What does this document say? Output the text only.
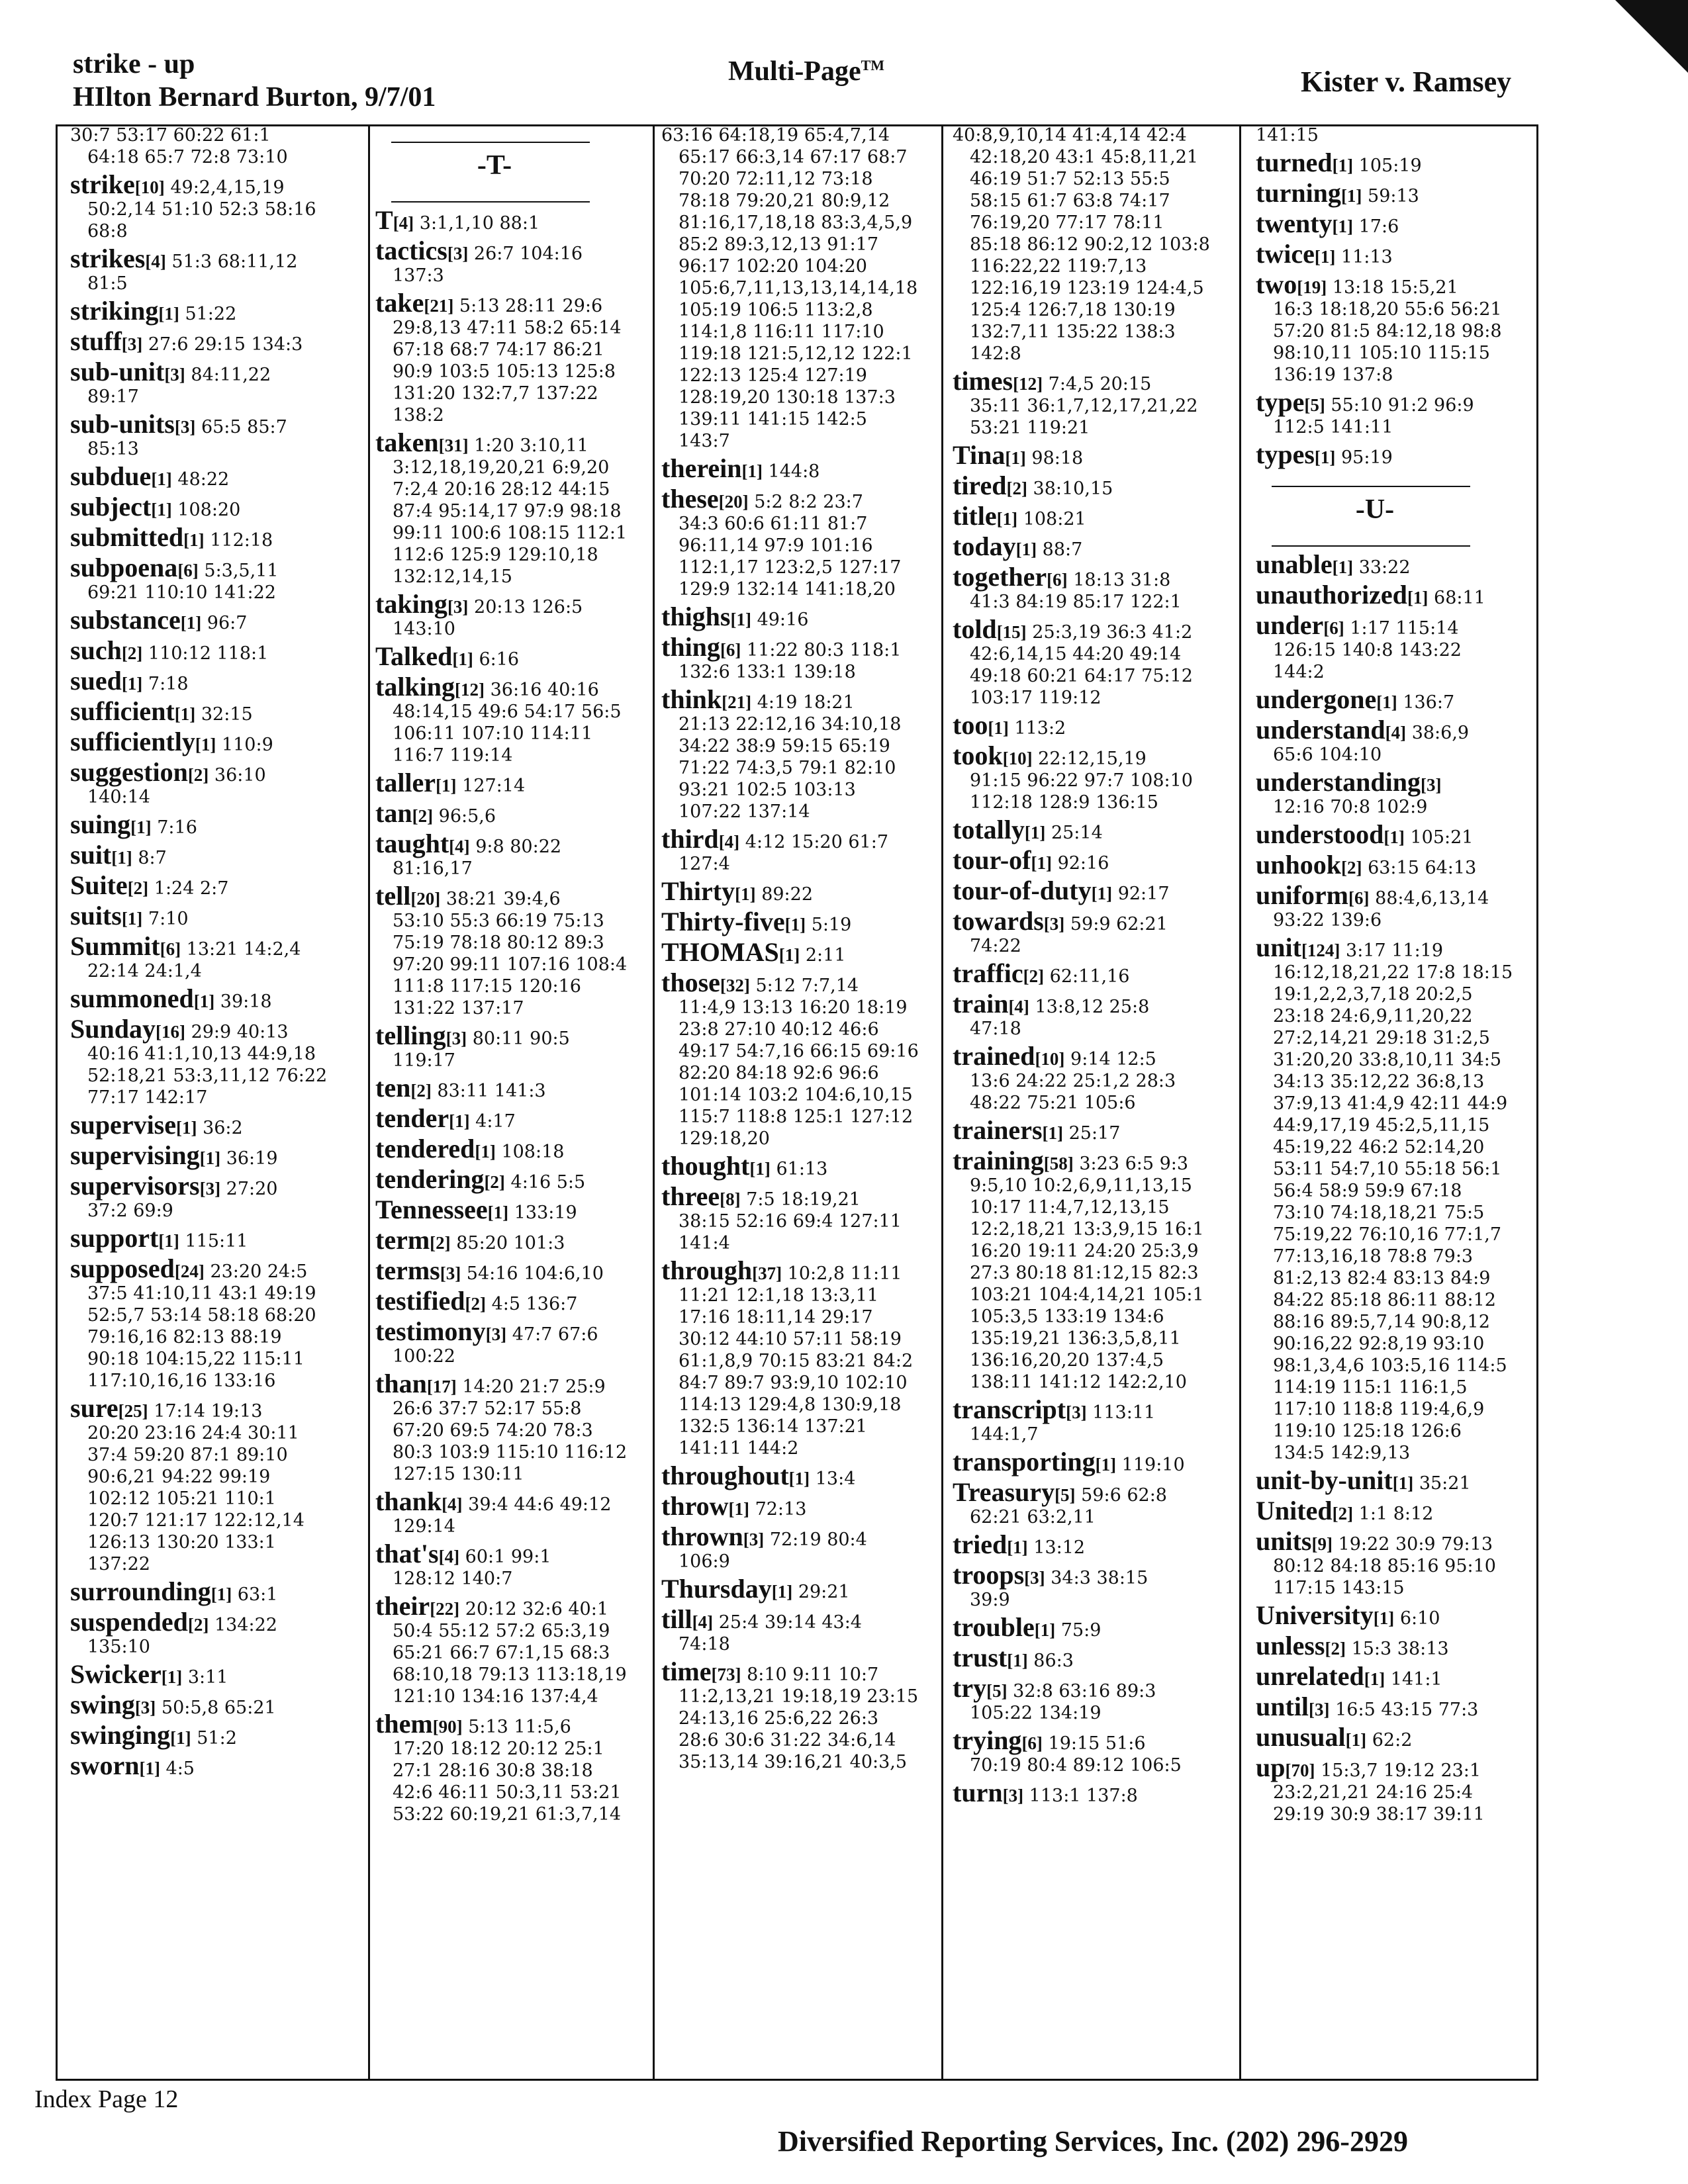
strike - up
HIlton Bernard Burton, 9/7/01
Multi-Page™
Kister v. Ramsey
30:7 53:17 60:22 61:1
64:18 65:7 72:8 73:10
strike[10] 49:2,4,15,19
50:2,14 51:10 52:3 58:16
68:8
strikes[4] 51:3 68:11,12
81:5
striking[1] 51:22
stuff[3] 27:6 29:15 134:3
sub-unit[3] 84:11,22
89:17
sub-units[3] 65:5 85:7
85:13
subdue[1] 48:22
subject[1] 108:20
submitted[1] 112:18
subpoena[6] 5:3,5,11
69:21 110:10 141:22
substance[1] 96:7
such[2] 110:12 118:1
sued[1] 7:18
sufficient[1] 32:15
sufficiently[1] 110:9
suggestion[2] 36:10
140:14
suing[1] 7:16
suit[1] 8:7
Suite[2] 1:24 2:7
suits[1] 7:10
Summit[6] 13:21 14:2,4
22:14 24:1,4
summoned[1] 39:18
Sunday[16] 29:9 40:13
40:16 41:1,10,13 44:9,18
52:18,21 53:3,11,12 76:22
77:17 142:17
supervise[1] 36:2
supervising[1] 36:19
supervisors[3] 27:20
37:2 69:9
support[1] 115:11
supposed[24] 23:20 24:5
37:5 41:10,11 43:1 49:19
52:5,7 53:14 58:18 68:20
79:16,16 82:13 88:19
90:18 104:15,22 115:11
117:10,16,16 133:16
sure[25] 17:14 19:13
20:20 23:16 24:4 30:11
37:4 59:20 87:1 89:10
90:6,21 94:22 99:19
102:12 105:21 110:1
120:7 121:17 122:12,14
126:13 130:20 133:1
137:22
surrounding[1] 63:1
suspended[2] 134:22
135:10
Swicker[1] 3:11
swing[3] 50:5,8 65:21
swinging[1] 51:2
sworn[1] 4:5
-T-
T[4] 3:1,1,10 88:1
tactics[3] 26:7 104:16
137:3
take[21] 5:13 28:11 29:6
29:8,13 47:11 58:2 65:14
67:18 68:7 74:17 86:21
90:9 103:5 105:13 125:8
131:20 132:7,7 137:22
138:2
taken[31] 1:20 3:10,11
3:12,18,19,20,21 6:9,20
7:2,4 20:16 28:12 44:15
87:4 95:14,17 97:9 98:18
99:11 100:6 108:15 112:1
112:6 125:9 129:10,18
132:12,14,15
taking[3] 20:13 126:5
143:10
Talked[1] 6:16
talking[12] 36:16 40:16
48:14,15 49:6 54:17 56:5
106:11 107:10 114:11
116:7 119:14
taller[1] 127:14
tan[2] 96:5,6
taught[4] 9:8 80:22
81:16,17
tell[20] 38:21 39:4,6
53:10 55:3 66:19 75:13
75:19 78:18 80:12 89:3
97:20 99:11 107:16 108:4
111:8 117:15 120:16
131:22 137:17
telling[3] 80:11 90:5
119:17
ten[2] 83:11 141:3
tender[1] 4:17
tendered[1] 108:18
tendering[2] 4:16 5:5
Tennessee[1] 133:19
term[2] 85:20 101:3
terms[3] 54:16 104:6,10
testified[2] 4:5 136:7
testimony[3] 47:7 67:6
100:22
than[17] 14:20 21:7 25:9
26:6 37:7 52:17 55:8
67:20 69:5 74:20 78:3
80:3 103:9 115:10 116:12
127:15 130:11
thank[4] 39:4 44:6 49:12
129:14
that's[4] 60:1 99:1
128:12 140:7
their[22] 20:12 32:6 40:1
50:4 55:12 57:2 65:3,19
65:21 66:7 67:1,15 68:3
68:10,18 79:13 113:18,19
121:10 134:16 137:4,4
them[90] 5:13 11:5,6
17:20 18:12 20:12 25:1
27:1 28:16 30:8 38:18
42:6 46:11 50:3,11 53:21
53:22 60:19,21 61:3,7,14
63:16 64:18,19 65:4,7,14
65:17 66:3,14 67:17 68:7
70:20 72:11,12 73:18
78:18 79:20,21 80:9,12
81:16,17,18,18 83:3,4,5,9
85:2 89:3,12,13 91:17
96:17 102:20 104:20
105:6,7,11,13,13,14,14,18
105:19 106:5 113:2,8
114:1,8 116:11 117:10
119:18 121:5,12,12 122:1
122:13 125:4 127:19
128:19,20 130:18 137:3
139:11 141:15 142:5
143:7
therein[1] 144:8
these[20] 5:2 8:2 23:7
34:3 60:6 61:11 81:7
96:11,14 97:9 101:16
112:1,17 123:2,5 127:17
129:9 132:14 141:18,20
thighs[1] 49:16
thing[6] 11:22 80:3 118:1
132:6 133:1 139:18
think[21] 4:19 18:21
21:13 22:12,16 34:10,18
34:22 38:9 59:15 65:19
71:22 74:3,5 79:1 82:10
93:21 102:5 103:13
107:22 137:14
third[4] 4:12 15:20 61:7
127:4
Thirty[1] 89:22
Thirty-five[1] 5:19
THOMAS[1] 2:11
those[32] 5:12 7:7,14
11:4,9 13:13 16:20 18:19
23:8 27:10 40:12 46:6
49:17 54:7,16 66:15 69:16
82:20 84:18 92:6 96:6
101:14 103:2 104:6,10,15
115:7 118:8 125:1 127:12
129:18,20
thought[1] 61:13
three[8] 7:5 18:19,21
38:15 52:16 69:4 127:11
141:4
through[37] 10:2,8 11:11
11:21 12:1,18 13:3,11
17:16 18:11,14 29:17
30:12 44:10 57:11 58:19
61:1,8,9 70:15 83:21 84:2
84:7 89:7 93:9,10 102:10
114:13 129:4,8 130:9,18
132:5 136:14 137:21
141:11 144:2
throughout[1] 13:4
throw[1] 72:13
thrown[3] 72:19 80:4
106:9
Thursday[1] 29:21
till[4] 25:4 39:14 43:4
74:18
time[73] 8:10 9:11 10:7
11:2,13,21 19:18,19 23:15
24:13,16 25:6,22 26:3
28:6 30:6 31:22 34:6,14
35:13,14 39:16,21 40:3,5
40:8,9,10,14 41:4,14 42:4
42:18,20 43:1 45:8,11,21
46:19 51:7 52:13 55:5
58:15 61:7 63:8 74:17
76:19,20 77:17 78:11
85:18 86:12 90:2,12 103:8
116:22,22 119:7,13
122:16,19 123:19 124:4,5
125:4 126:7,18 130:19
132:7,11 135:22 138:3
142:8
times[12] 7:4,5 20:15
35:11 36:1,7,12,17,21,22
53:21 119:21
Tina[1] 98:18
tired[2] 38:10,15
title[1] 108:21
today[1] 88:7
together[6] 18:13 31:8
41:3 84:19 85:17 122:1
told[15] 25:3,19 36:3 41:2
42:6,14,15 44:20 49:14
49:18 60:21 64:17 75:12
103:17 119:12
too[1] 113:2
took[10] 22:12,15,19
91:15 96:22 97:7 108:10
112:18 128:9 136:15
totally[1] 25:14
tour-of[1] 92:16
tour-of-duty[1] 92:17
towards[3] 59:9 62:21
74:22
traffic[2] 62:11,16
train[4] 13:8,12 25:8
47:18
trained[10] 9:14 12:5
13:6 24:22 25:1,2 28:3
48:22 75:21 105:6
trainers[1] 25:17
training[58] 3:23 6:5 9:3
9:5,10 10:2,6,9,11,13,15
10:17 11:4,7,12,13,15
12:2,18,21 13:3,9,15 16:1
16:20 19:11 24:20 25:3,9
27:3 80:18 81:12,15 82:3
103:21 104:4,14,21 105:1
105:3,5 133:19 134:6
135:19,21 136:3,5,8,11
136:16,20,20 137:4,5
138:11 141:12 142:2,10
transcript[3] 113:11
144:1,7
transporting[1] 119:10
Treasury[5] 59:6 62:8
62:21 63:2,11
tried[1] 13:12
troops[3] 34:3 38:15
39:9
trouble[1] 75:9
trust[1] 86:3
try[5] 32:8 63:16 89:3
105:22 134:19
trying[6] 19:15 51:6
70:19 80:4 89:12 106:5
turn[3] 113:1 137:8
141:15
turned[1] 105:19
turning[1] 59:13
twenty[1] 17:6
twice[1] 11:13
two[19] 13:18 15:5,21
16:3 18:18,20 55:6 56:21
57:20 81:5 84:12,18 98:8
98:10,11 105:10 115:15
136:19 137:8
type[5] 55:10 91:2 96:9
112:5 141:11
types[1] 95:19
-U-
unable[1] 33:22
unauthorized[1] 68:11
under[6] 1:17 115:14
126:15 140:8 143:22
144:2
undergone[1] 136:7
understand[4] 38:6,9
65:6 104:10
understanding[3]
12:16 70:8 102:9
understood[1] 105:21
unhook[2] 63:15 64:13
uniform[6] 88:4,6,13,14
93:22 139:6
unit[124] 3:17 11:19
16:12,18,21,22 17:8 18:15
19:1,2,2,3,7,18 20:2,5
23:18 24:6,9,11,20,22
27:2,14,21 29:18 31:2,5
31:20,20 33:8,10,11 34:5
34:13 35:12,22 36:8,13
37:9,13 41:4,9 42:11 44:9
44:9,17,19 45:2,5,11,15
45:19,22 46:2 52:14,20
53:11 54:7,10 55:18 56:1
56:4 58:9 59:9 67:18
73:10 74:18,18,21 75:5
75:19,22 76:10,16 77:1,7
77:13,16,18 78:8 79:3
81:2,13 82:4 83:13 84:9
84:22 85:18 86:11 88:12
88:16 89:5,7,14 90:8,12
90:16,22 92:8,19 93:10
98:1,3,4,6 103:5,16 114:5
114:19 115:1 116:1,5
117:10 118:8 119:4,6,9
119:10 125:18 126:6
134:5 142:9,13
unit-by-unit[1] 35:21
United[2] 1:1 8:12
units[9] 19:22 30:9 79:13
80:12 84:18 85:16 95:10
117:15 143:15
University[1] 6:10
unless[2] 15:3 38:13
unrelated[1] 141:1
until[3] 16:5 43:15 77:3
unusual[1] 62:2
up[70] 15:3,7 19:12 23:1
23:2,21,21 24:16 25:4
29:19 30:9 38:17 39:11
Index Page 12
Diversified Reporting Services, Inc. (202) 296-2929
